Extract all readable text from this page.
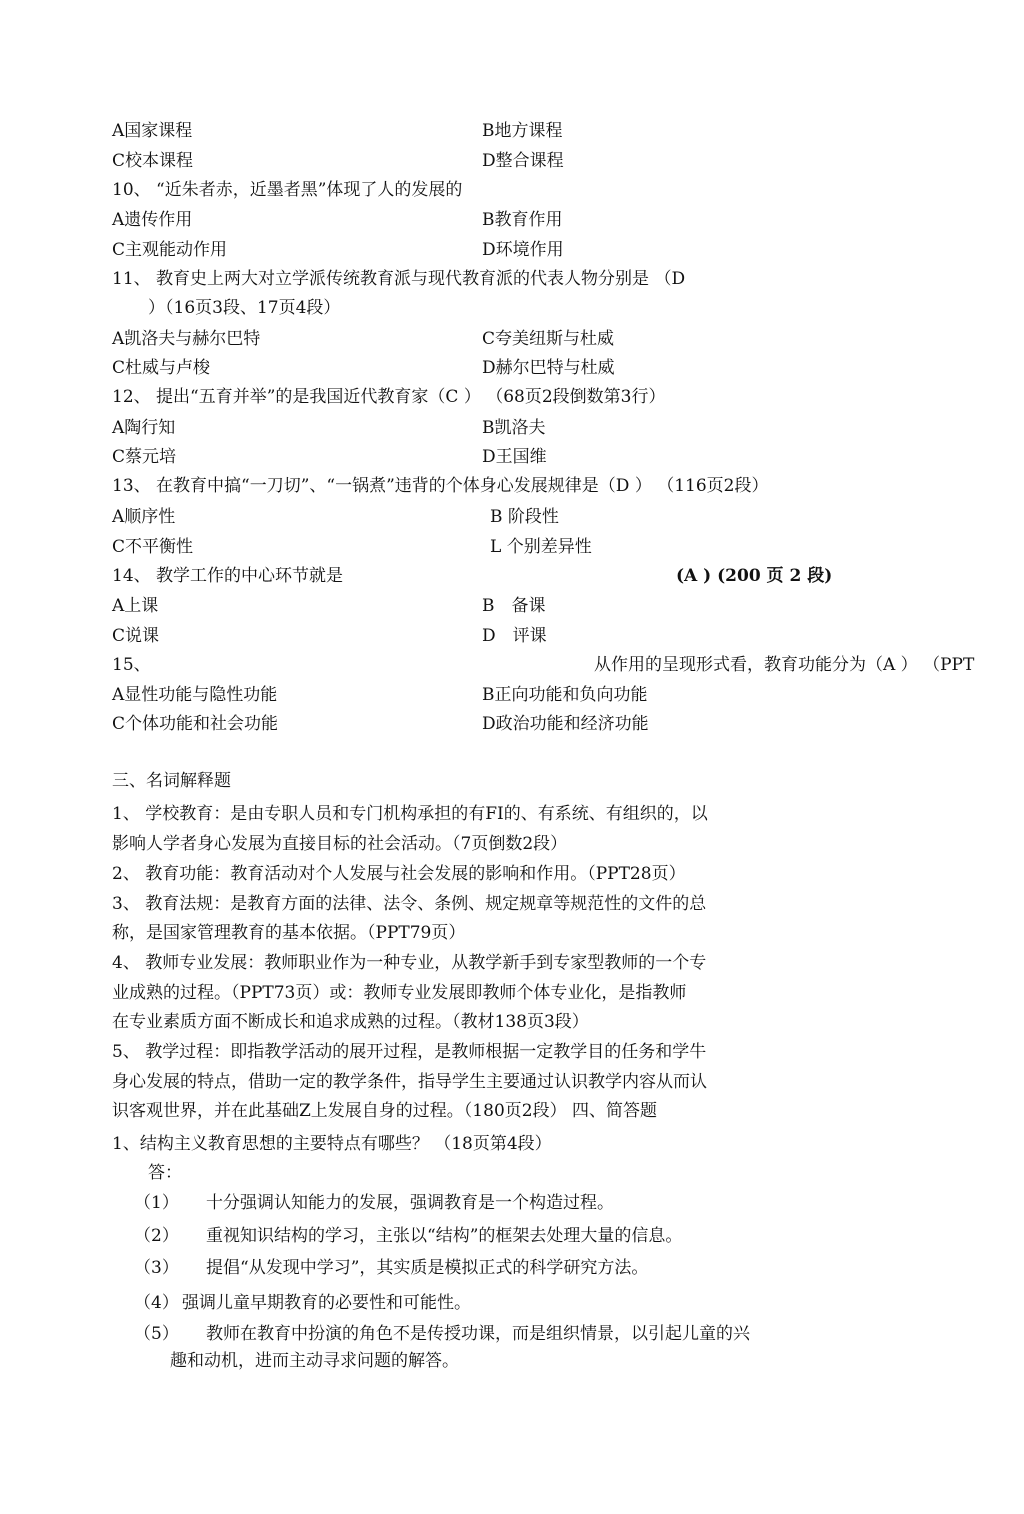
A国家课程	B地方课程
C校本课程	D整合课程
10、 “近朱者赤，近墨者黑”体现了人的发展的
A遗传作用	B教育作用
C主观能动作用	D环境作用
11、 教育史上两大对立学派传统教育派与现代教育派的代表人物分别是 （D
）（16页3段、17页4段）
A凯洛夫与赫尔巴特	C夸美纽斯与杜威
C杜威与卢梭	D赫尔巴特与杜威
12、 提出“五育并举”的是我国近代教育家（C ） （68页2段倒数第3行）
A陶行知	B凯洛夫
C蔡元培	D王国维
13、 在教育中搞“一刀切”、“一锅煮”违背的个体身心发展规律是（D ） （116页2段）
A顺序性	B 阶段性
C不平衡性	L 个别差异性
14、 教学工作的中心环节就是	(A ) (200 页 2 段)
A上课	B　备课
C说课	D　评课
15、	从作用的呈现形式看，教育功能分为（A ） （PPT
A显性功能与隐性功能	B正向功能和负向功能
C个体功能和社会功能	D政治功能和经济功能
三、名词解释题
1、 学校教育：是由专职人员和专门机构承担的有FI的、有系统、有组织的，以
影响人学者身心发展为直接目标的社会活动。（7页倒数2段）
2、 教育功能：教育活动对个人发展与社会发展的影响和作用。（PPT28页）
3、 教育法规：是教育方面的法律、法令、条例、规定规章等规范性的文件的总
称，是国家管理教育的基本依据。（PPT79页）
4、 教师专业发展：教师职业作为一种专业，从教学新手到专家型教师的一个专
业成熟的过程。（PPT73页）或：教师专业发展即教师个体专业化，是指教师
在专业素质方面不断成长和追求成熟的过程。（教材138页3段）
5、 教学过程：即指教学活动的展开过程，是教师根据一定教学目的任务和学牛
身心发展的特点，借助一定的教学条件，指导学生主要通过认识教学内容从而认
识客观世界，并在此基础Z上发展自身的过程。（180页2段） 四、简答题
1、结构主义教育思想的主要特点有哪些？ （18页第4段）
答：
（1） 十分强调认知能力的发展，强调教育是一个构造过程。
（2） 重视知识结构的学习，主张以“结构”的框架去处理大量的信息。
（3） 提倡“从发现中学习”，其实质是模拟正式的科学研究方法。
（4） 强调儿童早期教育的必要性和可能性。
（5） 教师在教育中扮演的角色不是传授功课，而是组织情景，以引起儿童的兴
趣和动机，进而主动寻求问题的解答。
